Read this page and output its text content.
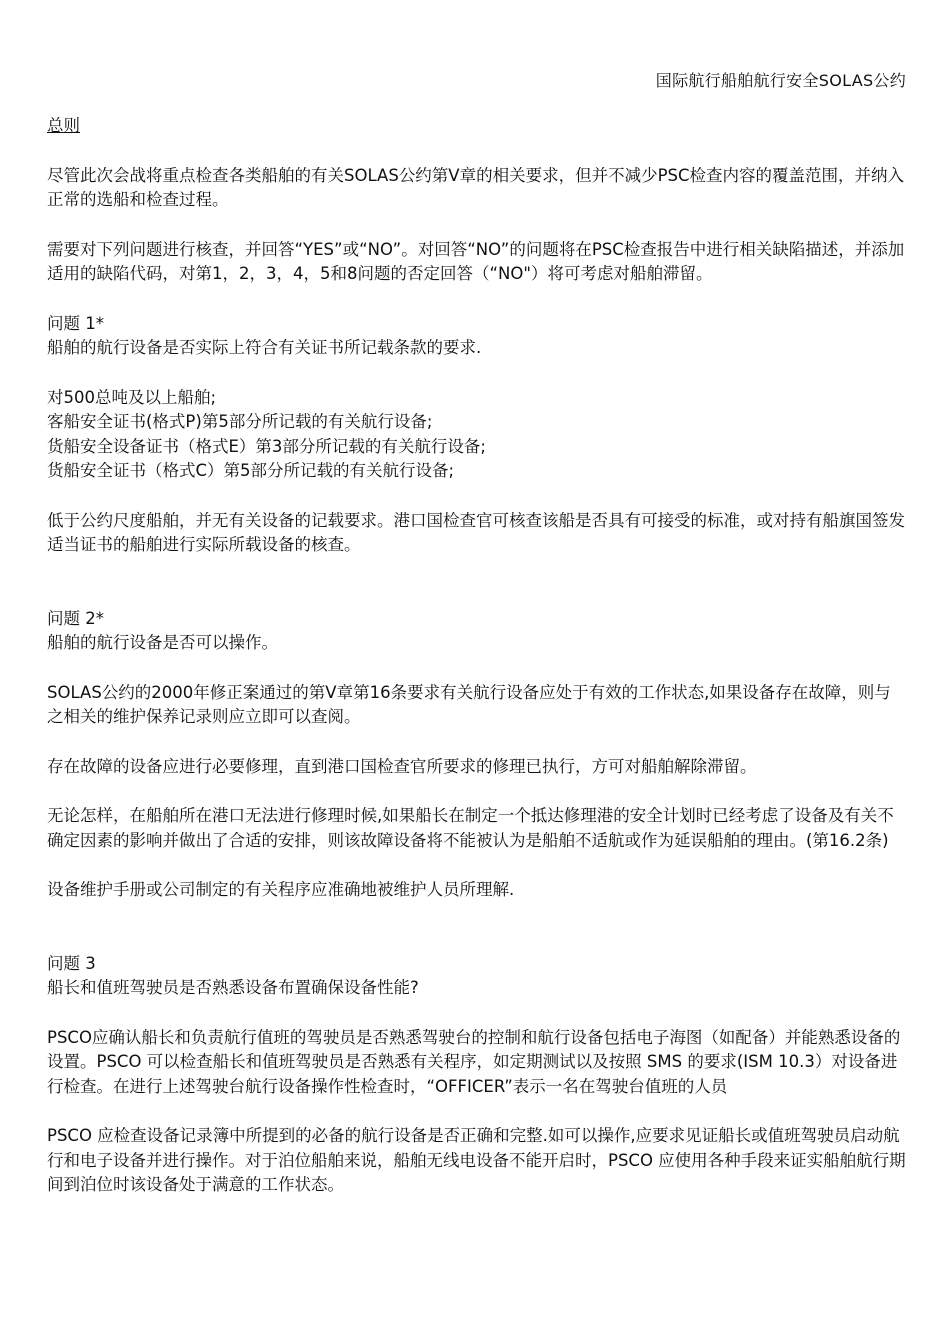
国际航行船舶航行安全SOLAS公约

总则

尽管此次会战将重点检查各类船舶的有关SOLAS公约第V章的相关要求，但并不减少PSC检查内容的覆盖范围，并纳入正常的选船和检查过程。

需要对下列问题进行核查，并回答“YES”或“NO”。对回答“NO”的问题将在PSC检查报告中进行相关缺陷描述，并添加适用的缺陷代码，对第1，2，3，4，5和8问题的否定回答（“NO"）将可考虑对船舶滞留。

问题 1*

船舶的航行设备是否实际上符合有关证书所记载条款的要求.

对500总吨及以上船舶;

客船安全证书(格式P)第5部分所记载的有关航行设备;

货船安全设备证书（格式E）第3部分所记载的有关航行设备;

货船安全证书（格式C）第5部分所记载的有关航行设备;

低于公约尺度船舶，并无有关设备的记载要求。港口国检查官可核查该船是否具有可接受的标准，或对持有船旗国签发适当证书的船舶进行实际所载设备的核查。

问题 2*

船舶的航行设备是否可以操作。

SOLAS公约的2000年修正案通过的第V章第16条要求有关航行设备应处于有效的工作状态,如果设备存在故障，则与之相关的维护保养记录则应立即可以查阅。

存在故障的设备应进行必要修理，直到港口国检查官所要求的修理已执行，方可对船舶解除滞留。

无论怎样，在船舶所在港口无法进行修理时候,如果船长在制定一个抵达修理港的安全计划时已经考虑了设备及有关不确定因素的影响并做出了合适的安排，则该故障设备将不能被认为是船舶不适航或作为延误船舶的理由。(第16.2条)

设备维护手册或公司制定的有关程序应准确地被维护人员所理解.

问题 3

船长和值班驾驶员是否熟悉设备布置确保设备性能?

PSCO应确认船长和负责航行值班的驾驶员是否熟悉驾驶台的控制和航行设备包括电子海图（如配备）并能熟悉设备的设置。PSCO 可以检查船长和值班驾驶员是否熟悉有关程序，如定期测试以及按照 SMS 的要求(ISM 10.3）对设备进行检查。在进行上述驾驶台航行设备操作性检查时，“OFFICER”表示一名在驾驶台值班的人员

PSCO 应检查设备记录簿中所提到的必备的航行设备是否正确和完整.如可以操作,应要求见证船长或值班驾驶员启动航行和电子设备并进行操作。对于泊位船舶来说，船舶无线电设备不能开启时，PSCO 应使用各种手段来证实船舶航行期间到泊位时该设备处于满意的工作状态。
